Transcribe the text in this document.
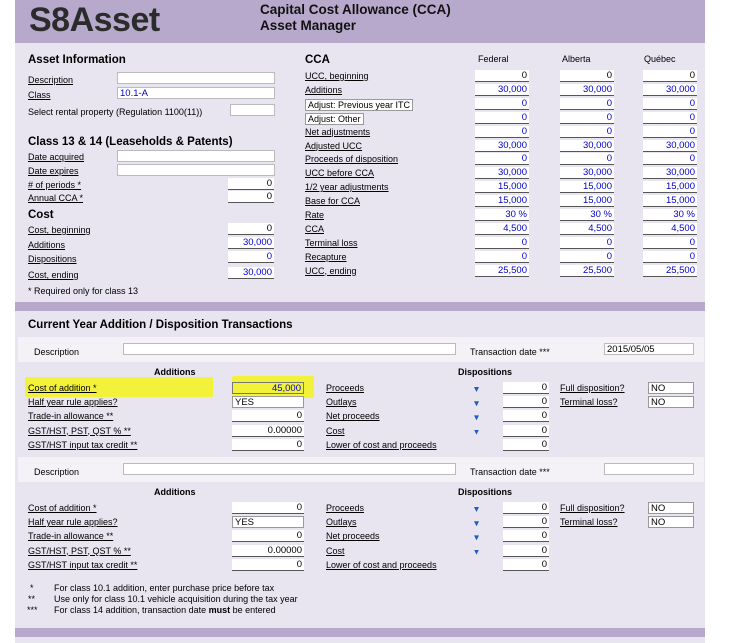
S8Asset	Capital Cost Allowance (CCA)
Asset Manager
Asset Information
Description
Class	10.1-A
Select rental property (Regulation 1100(11))
Class 13 & 14 (Leaseholds & Patents)
Date acquired
Date expires
# of periods *	0
Annual CCA *	0
Cost
Cost, beginning	0
Additions	30,000
Dispositions	0
Cost, ending	30,000
* Required only for class 13
CCA	Federal	Alberta	Québec
UCC, beginning	0	0	0
Additions	30,000	30,000	30,000
Adjust: Previous year ITC	0	0	0
Adjust: Other	0	0	0
Net adjustments	0	0	0
Adjusted UCC	30,000	30,000	30,000
Proceeds of disposition	0	0	0
UCC before CCA	30,000	30,000	30,000
1/2 year adjustments	15,000	15,000	15,000
Base for CCA	15,000	15,000	15,000
Rate	30 %	30 %	30 %
CCA	4,500	4,500	4,500
Terminal loss	0	0	0
Recapture	0	0	0
UCC, ending	25,500	25,500	25,500
Current Year Addition / Disposition Transactions
Description	Transaction date ***	2015/05/05
Additions	Dispositions
Cost of addition *	45,000
Half year rule applies?	YES
Trade-in allowance **	0
GST/HST, PST, QST % **	0.00000
GST/HST input tax credit **	0
Proceeds	0
Outlays	0
Net proceeds	0
Cost	0
Lower of cost and proceeds	0
Full disposition?	NO
Terminal loss?	NO
Description	Transaction date ***
Additions	Dispositions
Cost of addition *	0
Half year rule applies?	YES
Trade-in allowance **	0
GST/HST, PST, QST % **	0.00000
GST/HST input tax credit **	0
Proceeds	0
Outlays	0
Net proceeds	0
Cost	0
Lower of cost and proceeds	0
Full disposition?	NO
Terminal loss?	NO
* For class 10.1 addition, enter purchase price before tax
** Use only for class 10.1 vehicle acquisition during the tax year
*** For class 14 addition, transaction date must be entered
